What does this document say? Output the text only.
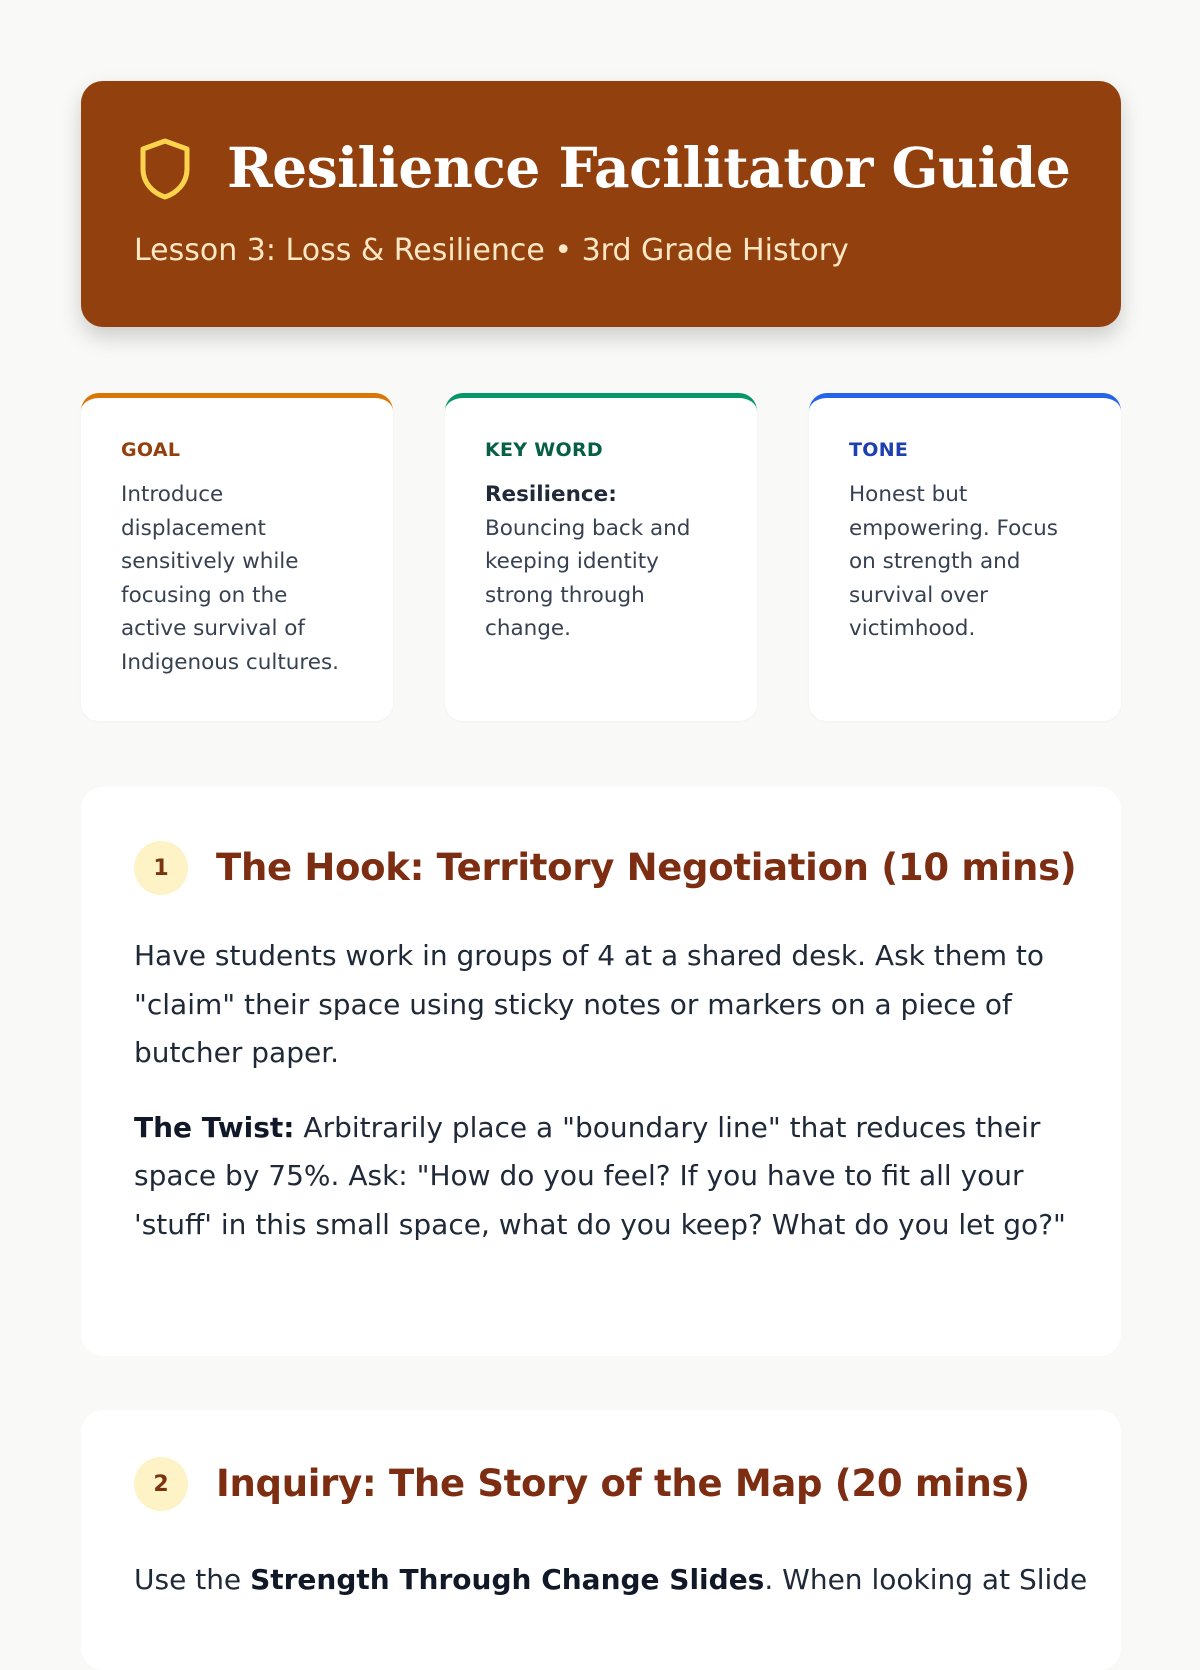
Resilience Facilitator Guide

Lesson 3: Loss & Resilience • 3rd Grade History

GOAL

Introduce displacement sensitively while focusing on the active survival of Indigenous cultures.

KEY WORD

Resilience:
Bouncing back and keeping identity strong through change.

TONE

Honest but empowering. Focus on strength and survival over victimhood.

1	The Hook: Territory Negotiation (10 mins)

Have students work in groups of 4 at a shared desk. Ask them to "claim" their space using sticky notes or markers on a piece of butcher paper.

The Twist: Arbitrarily place a "boundary line" that reduces their space by 75%. Ask: "How do you feel? If you have to fit all your 'stuff' in this small space, what do you keep? What do you let go?"

2	Inquiry: The Story of the Map (20 mins)

Use the Strength Through Change Slides. When looking at Slide
